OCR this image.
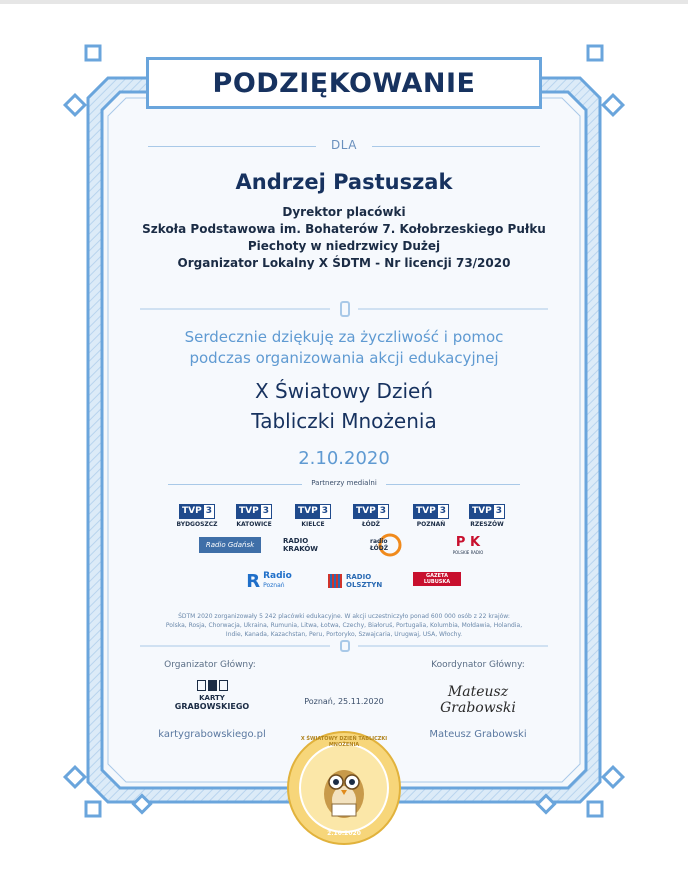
PODZIĘKOWANIE
DLA
Andrzej Pastuszak
Dyrektor placówki
Szkoła Podstawowa im. Bohaterów 7. Kołobrzeskiego Pułku
Piechoty w niedrzwicy Dużej
Organizator Lokalny X ŚDTM - Nr licencji 73/2020
Serdecznie dziękuję za życzliwość i pomoc
podczas organizowania akcji edukacyjnej
X Światowy Dzień
Tabliczki Mnożenia
2.10.2020
Partnerzy medialni
TVP 3
BYDGOSZCZ
TVP 3
KATOWICE
TVP 3
KIELCE
TVP 3
ŁÓDŹ
TVP 3
POZNAŃ
TVP 3
RZESZÓW
Radio Gdańsk	RADIO KRAKÓW
radio ŁÓDŹ	P K
POLSKIE RADIO
R Radio
Poznań
RADIO OLSZTYN
GAZETA LUBUSKA
ŚDTM 2020 zorganizowały 5 242 placówki edukacyjne. W akcji uczestniczyło ponad 600 000 osób z 22 krajów:
Polska, Rosja, Chorwacja, Ukraina, Rumunia, Litwa, Łotwa, Czechy, Białoruś, Portugalia, Kolumbia, Mołdawia, Holandia,
Indie, Kanada, Kazachstan, Peru, Portoryko, Szwajcaria, Urugwaj, USA, Włochy.
Organizator Główny:
KARTY
GRABOWSKIEGO
kartygrabowskiego.pl
Poznań, 25.11.2020
Koordynator Główny:
Mateusz Grabowski
Mateusz Grabowski
X ŚWIATOWY DZIEŃ TABLICZKI MNOŻENIA
2.10.2020
